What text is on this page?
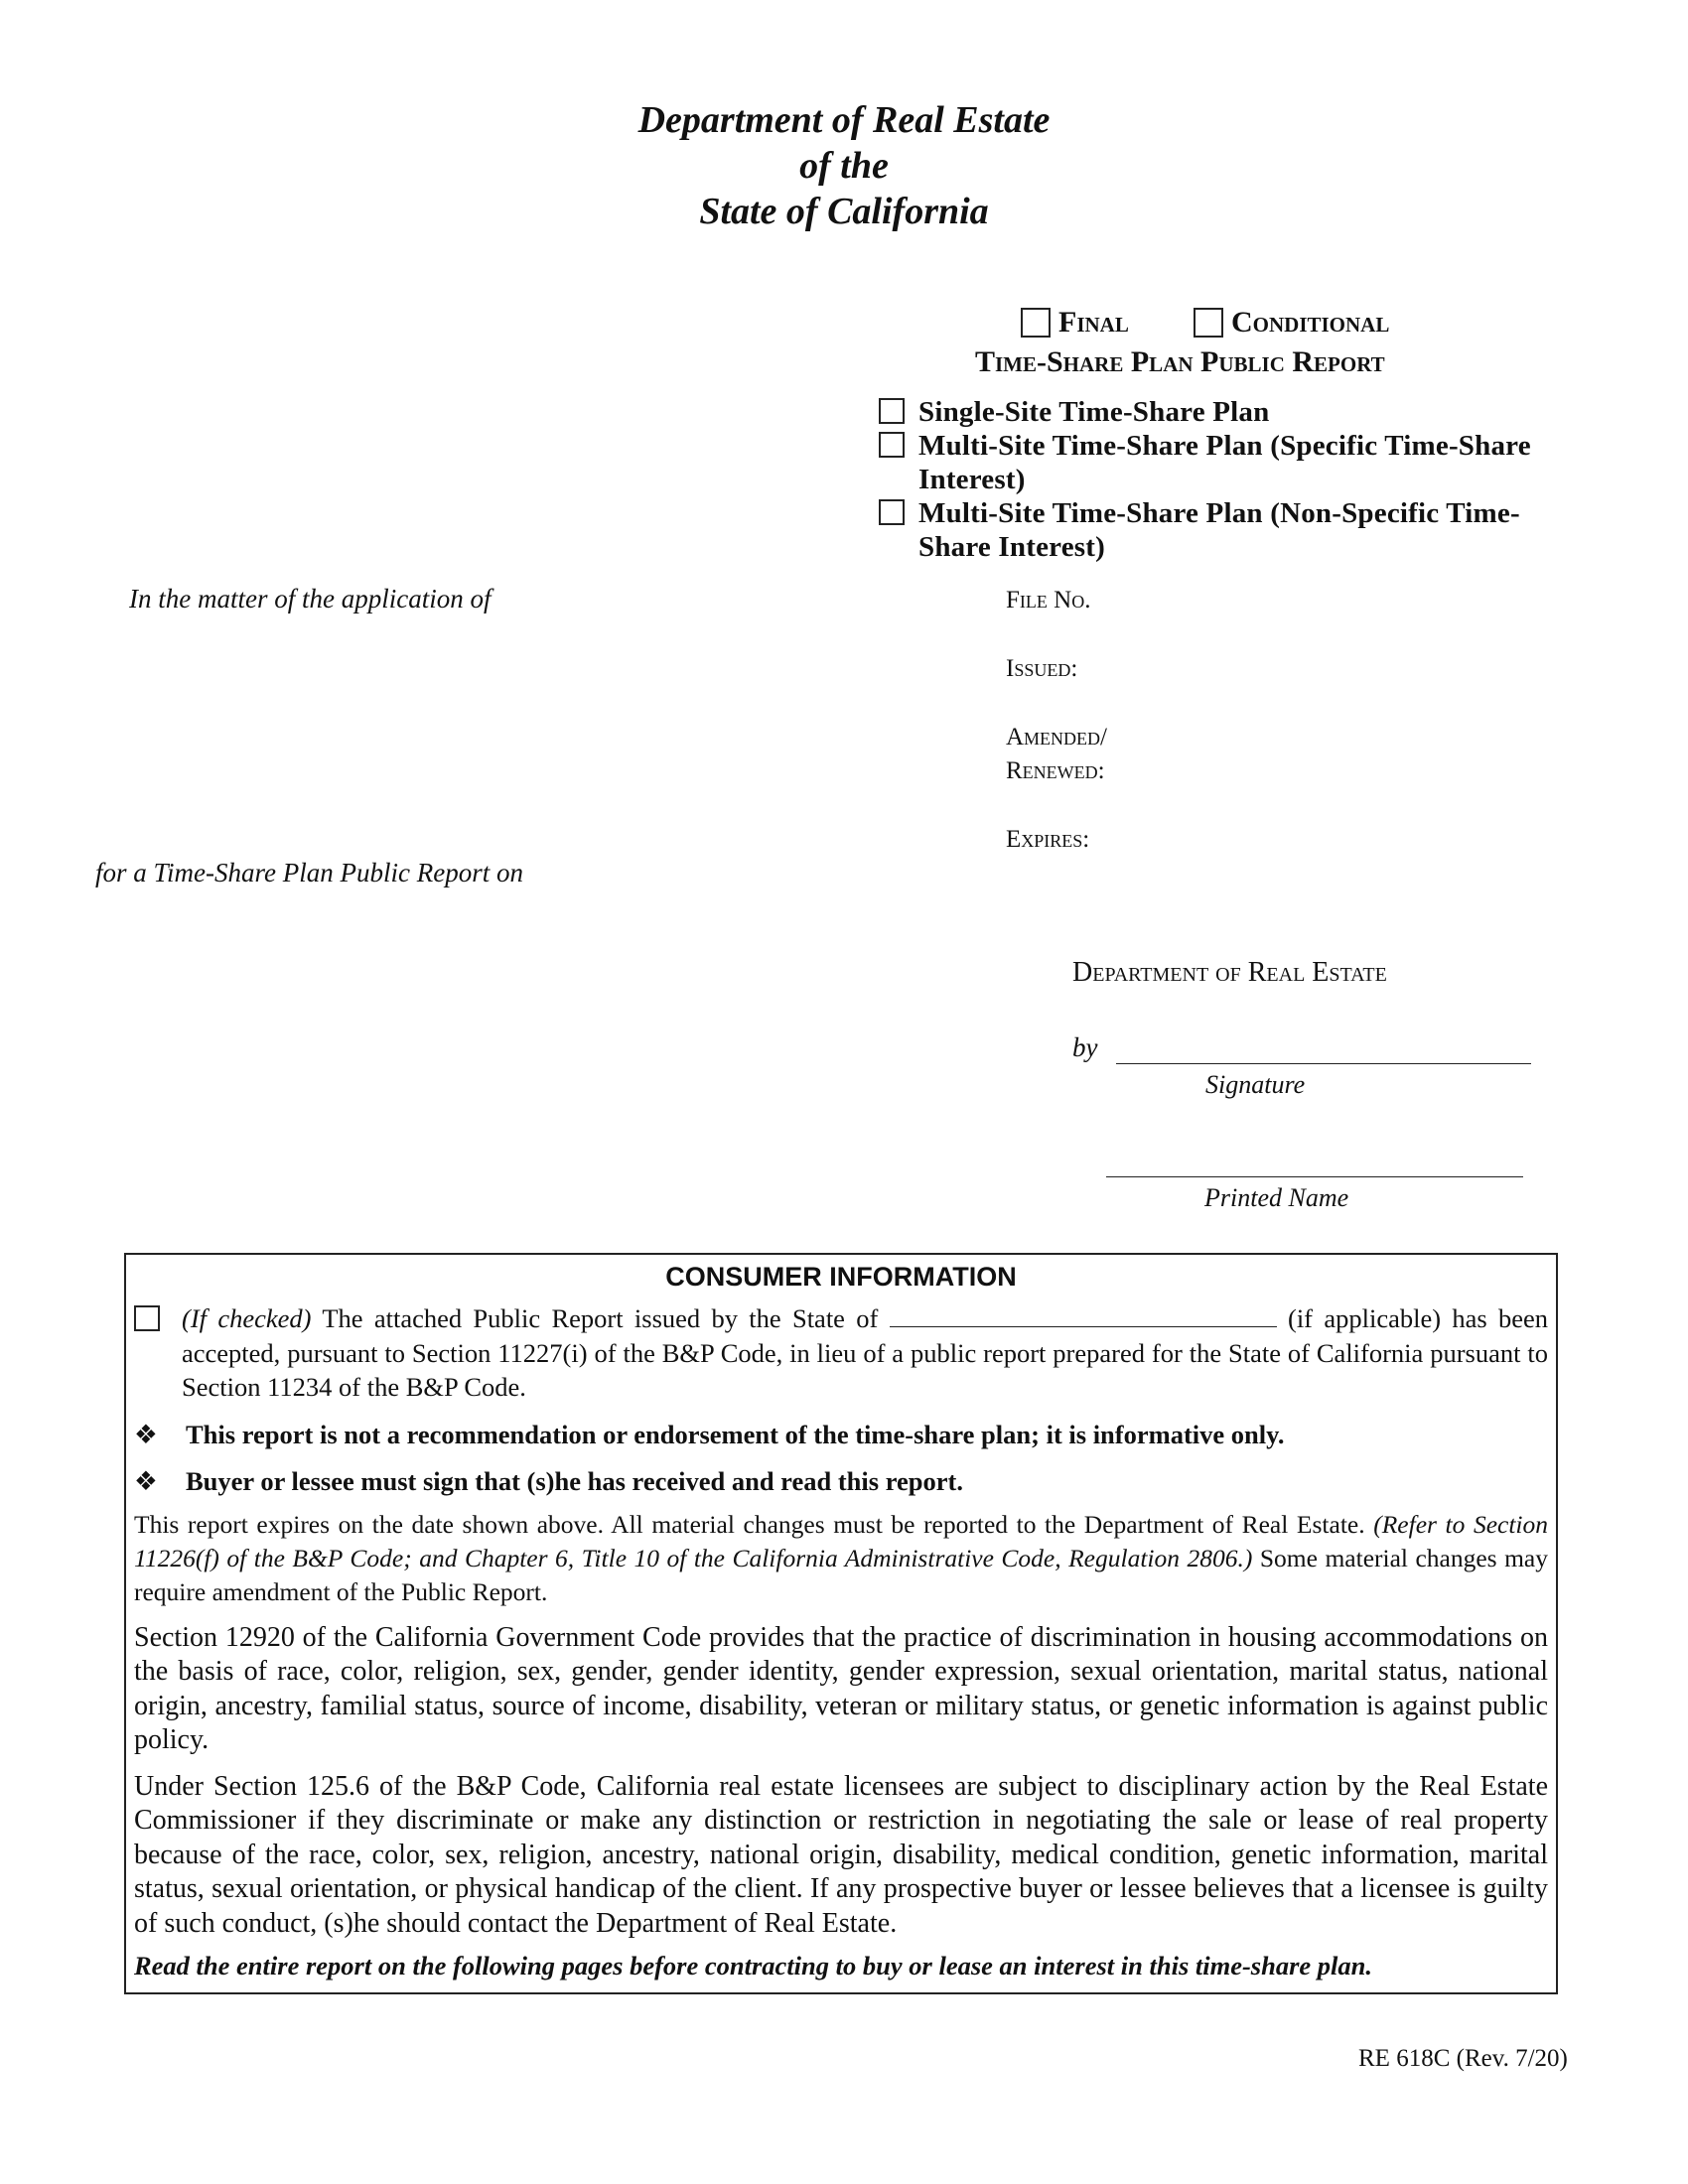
Department of Real Estate
of the
State of California
Final	Conditional
Time-Share Plan Public Report
Single-Site Time-Share Plan
Multi-Site Time-Share Plan (Specific Time-Share
Interest)
Multi-Site Time-Share Plan (Non-Specific Time-
Share Interest)
In the matter of the application of
for a Time-Share Plan Public Report on
File No.
Issued:
Amended/
Renewed:
Expires:
Department of Real Estate
by
Signature
Printed Name
CONSUMER INFORMATION
(If checked) The attached Public Report issued by the State of	(if applicable) has been accepted, pursuant to Section 11227(i) of the B&P Code, in lieu of a public report prepared for the State of California pursuant to Section 11234 of the B&P Code.
❖	This report is not a recommendation or endorsement of the time-share plan; it is informative only.
❖	Buyer or lessee must sign that (s)he has received and read this report.
This report expires on the date shown above. All material changes must be reported to the Department of Real Estate. (Refer to Section 11226(f) of the B&P Code; and Chapter 6, Title 10 of the California Administrative Code, Regulation 2806.) Some material changes may require amendment of the Public Report.
Section 12920 of the California Government Code provides that the practice of discrimination in housing accommodations on the basis of race, color, religion, sex, gender, gender identity, gender expression, sexual orientation, marital status, national origin, ancestry, familial status, source of income, disability, veteran or military status, or genetic information is against public policy.
Under Section 125.6 of the B&P Code, California real estate licensees are subject to disciplinary action by the Real Estate Commissioner if they discriminate or make any distinction or restriction in negotiating the sale or lease of real property because of the race, color, sex, religion, ancestry, national origin, disability, medical condition, genetic information, marital status, sexual orientation, or physical handicap of the client. If any prospective buyer or lessee believes that a licensee is guilty of such conduct, (s)he should contact the Department of Real Estate.
Read the entire report on the following pages before contracting to buy or lease an interest in this time-share plan.
RE 618C (Rev. 7/20)
